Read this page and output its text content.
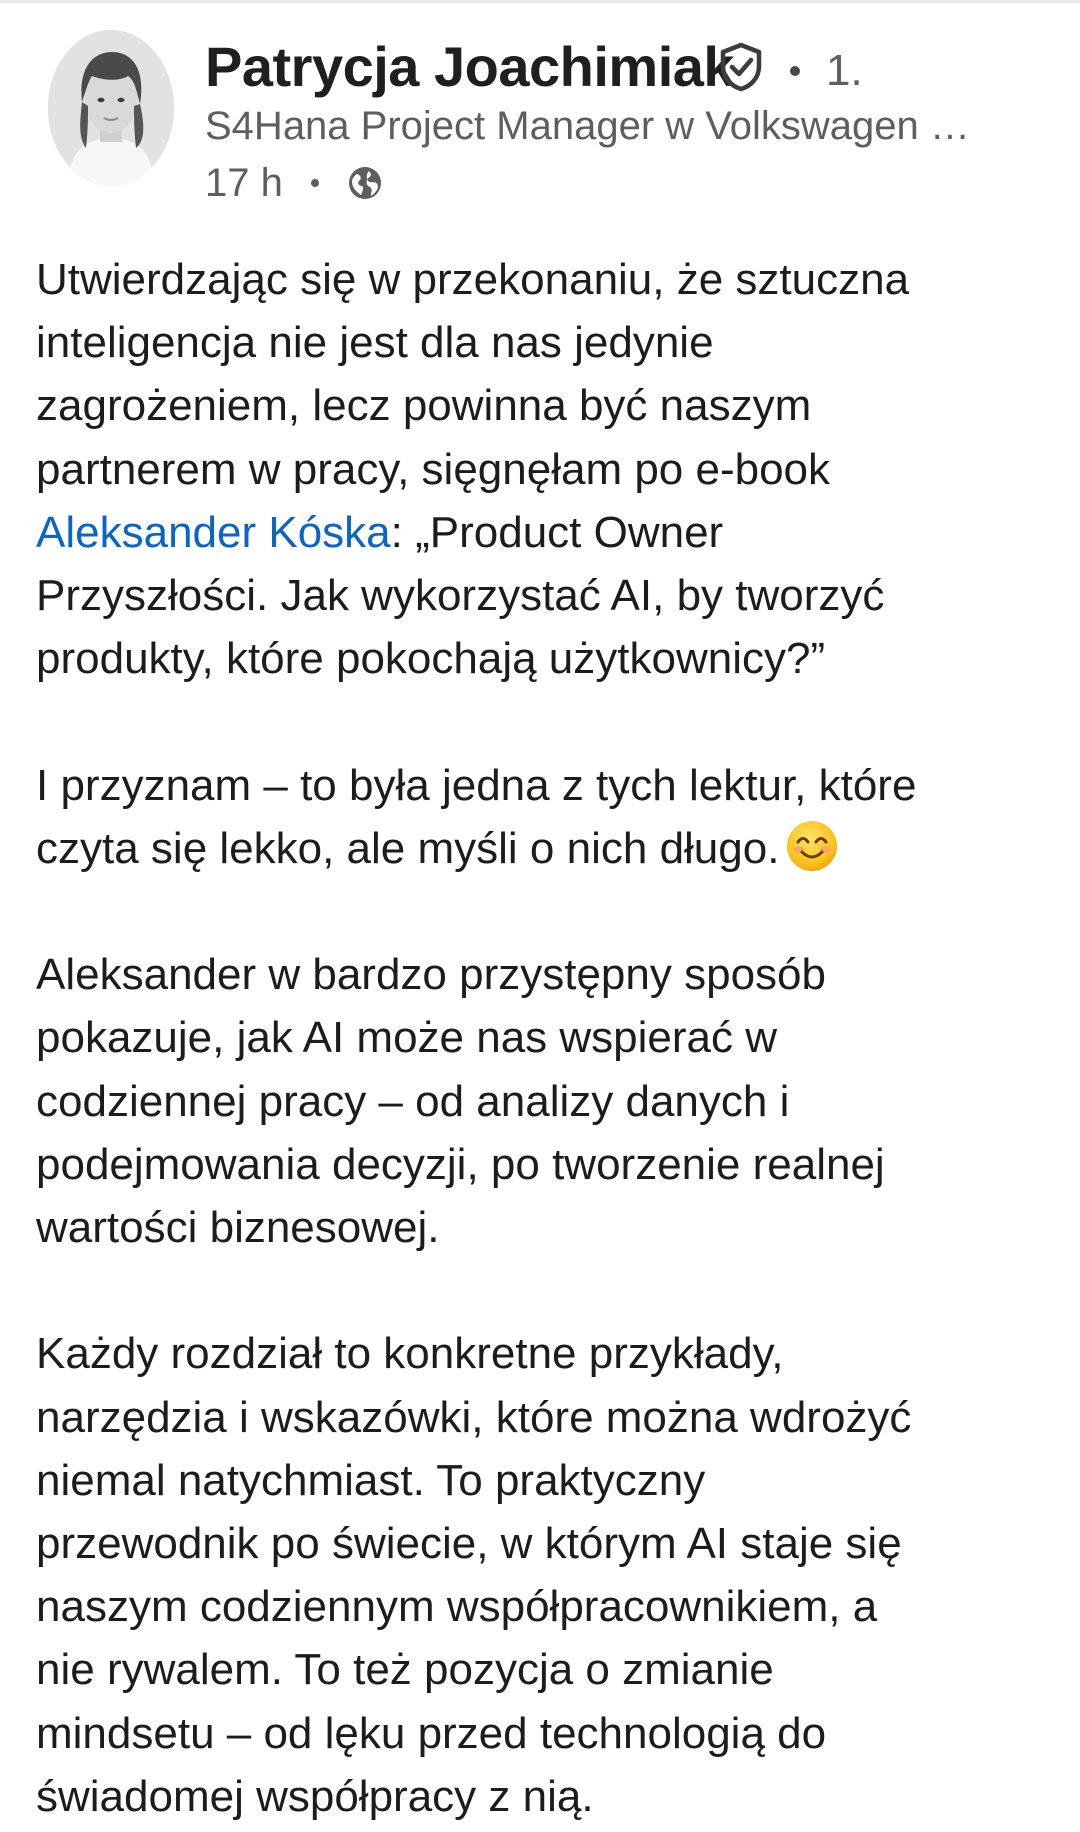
Patrycja Joachimiak 1.
S4Hana Project Manager w Volkswagen …
17 h

Utwierdzając się w przekonaniu, że sztuczna
inteligencja nie jest dla nas jedynie
zagrożeniem, lecz powinna być naszym
partnerem w pracy, sięgnęłam po e-book
Aleksander Kóska: „Product Owner
Przyszłości. Jak wykorzystać AI, by tworzyć
produkty, które pokochają użytkownicy?”

I przyznam – to była jedna z tych lektur, które
czyta się lekko, ale myśli o nich długo.

Aleksander w bardzo przystępny sposób
pokazuje, jak AI może nas wspierać w
codziennej pracy – od analizy danych i
podejmowania decyzji, po tworzenie realnej
wartości biznesowej.

Każdy rozdział to konkretne przykłady,
narzędzia i wskazówki, które można wdrożyć
niemal natychmiast. To praktyczny
przewodnik po świecie, w którym AI staje się
naszym codziennym współpracownikiem, a
nie rywalem. To też pozycja o zmianie
mindsetu – od lęku przed technologią do
świadomej współpracy z nią.
